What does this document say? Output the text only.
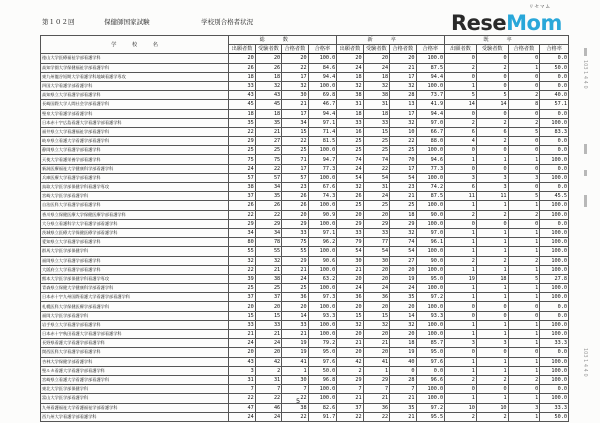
第１０２回	保健師国家試験	学校別合格者状況
リセマム
ReseMom
学　　　校　　　名	総数				新卒				既卒			
	出願者数	受験者数	合格者数	合格率	出願者数	受験者数	合格者数	合格率	出願者数	受験者数	合格者数	合格率
徳山大学医療福祉学部看護学科	20	20	20	100.0	20	20	20	100.0	0	0	0	0.0
高知学園大学保健福祉学部看護学科	26	26	22	84.6	24	24	21	87.5	2	2	1	50.0
東九州龍谷短期大学看護学科地域看護学専攻	18	18	17	94.4	18	18	17	94.4	0	0	0	0.0
四国大学看護学部看護学科	33	32	32	100.0	32	32	32	100.0	1	0	0	0.0
高知県立大学看護学部看護学科	43	43	30	69.8	38	38	28	73.7	5	5	2	40.0
長崎国際大学人間社会学部看護学科	45	45	21	46.7	31	31	13	41.9	14	14	8	57.1
聖泉大学看護学部看護学科	18	18	17	94.4	18	18	17	94.4	0	0	0	0.0
日本赤十字広島看護大学看護学部看護学科	35	35	34	97.1	33	33	32	97.0	2	2	2	100.0
福井県立大学看護福祉学部看護学科	22	21	15	71.4	16	15	10	66.7	6	6	5	83.3
岐阜県立看護大学看護学部看護学科	29	27	22	81.5	25	25	22	88.0	4	2	0	0.0
静岡県立大学看護学部看護学科	25	25	25	100.0	25	25	25	100.0	0	0	0	0.0
天使大学看護栄養学部看護学科	75	75	71	94.7	74	74	70	94.6	1	1	1	100.0
新潟医療福祉大学健康科学部看護学科	24	22	17	77.3	24	22	17	77.3	0	0	0	0.0
兵庫医療大学看護学部看護学科	57	57	57	100.0	54	54	54	100.0	3	3	3	100.0
鳥取大学医学部保健学科看護学専攻	38	34	23	67.6	32	31	23	74.2	6	3	0	0.0
宮崎大学医学部看護学科	37	35	26	74.3	26	24	21	87.5	11	11	5	45.5
自治医科大学看護学部看護学科	26	26	26	100.0	25	25	25	100.0	1	1	1	100.0
香川県立保健医療大学保健医療学部看護学科	22	22	20	90.9	20	20	18	90.0	2	2	2	100.0
大分県立看護科学大学看護学部看護学科	29	29	29	100.0	29	29	29	100.0	0	0	0	0.0
茨城県立医療大学保健医療学部看護学科	34	34	33	97.1	33	33	32	97.0	1	1	1	100.0
愛知県立大学看護学部看護学科	80	78	75	96.2	79	77	74	96.1	1	1	1	100.0
群馬大学医学部保健学科	55	55	55	100.0	54	54	54	100.0	1	1	1	100.0
福岡県立大学看護学部看護学科	32	32	29	90.6	30	30	27	90.0	2	2	2	100.0
大阪府立大学看護学部看護学科	22	21	21	100.0	21	20	20	100.0	1	1	1	100.0
熊本大学医学部保健学科看護学専攻	39	38	24	63.2	20	20	19	95.0	19	18	5	27.8
青森県立保健大学健康科学部看護学科	25	25	25	100.0	24	24	24	100.0	1	1	1	100.0
日本赤十字九州国際看護大学看護学部看護学科	37	37	36	97.3	36	36	35	97.2	1	1	1	100.0
札幌医科大学保健医療学部看護学科	20	20	20	100.0	20	20	20	100.0	0	0	0	0.0
福岡大学医学部看護学科	15	15	14	93.3	15	15	14	93.3	0	0	0	0.0
岩手県立大学看護学部看護学科	33	33	33	100.0	32	32	32	100.0	1	1	1	100.0
日本赤十字秋田看護大学看護学部看護学科	21	21	21	100.0	20	20	20	100.0	1	1	1	100.0
長野県看護大学看護学部看護学科	24	24	19	79.2	21	21	18	85.7	3	3	1	33.3
関西医科大学看護学部看護学科	20	20	19	95.0	20	20	19	95.0	0	0	0	0.0
杏林大学保健学部看護学科	43	42	41	97.6	42	41	40	97.6	1	1	1	100.0
聖ルカ看護大学看護学部看護学科	3	2	1	50.0	2	1	0	0.0	1	1	1	100.0
宮崎県立看護大学看護学部看護学科	31	31	30	96.8	29	29	28	96.6	2	2	2	100.0
東北大学医学部保健学科	7	7	7	100.0	7	7	7	100.0	0	0	0	0.0
富山大学医学部看護学科	22	22	22	100.0	21	21	21	100.0	1	1	1	100.0
九州看護福祉大学看護福祉学部看護学科	47	46	38	82.6	37	36	35	97.2	10	10	3	33.3
西九州大学看護学部看護学科	24	24	22	91.7	22	22	21	95.5	2	2	1	50.0
5
103 1 4 4 0
103 1 4 4 0
